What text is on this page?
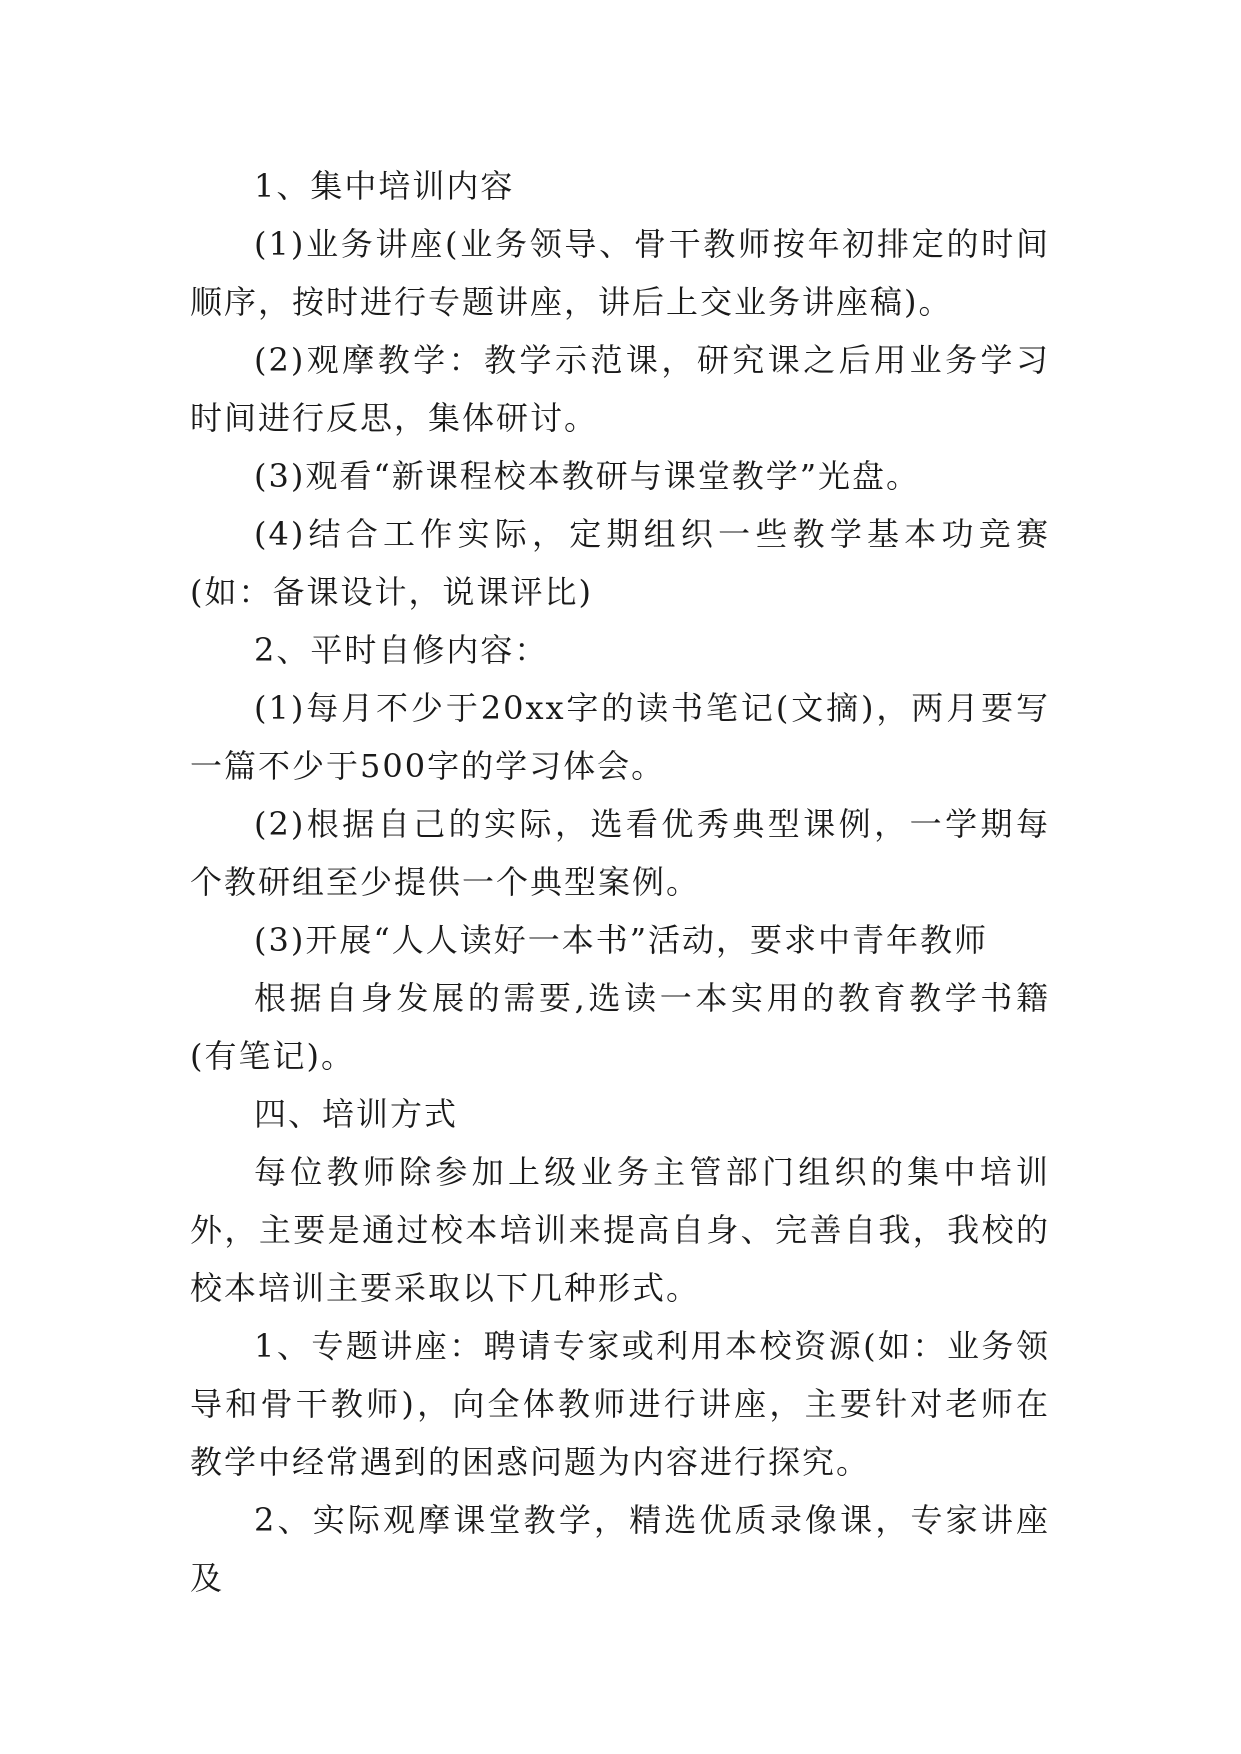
1、集中培训内容

(1)业务讲座(业务领导、骨干教师按年初排定的时间顺序，按时进行专题讲座，讲后上交业务讲座稿)。

(2)观摩教学：教学示范课，研究课之后用业务学习时间进行反思，集体研讨。

(3)观看“新课程校本教研与课堂教学”光盘。

(4)结合工作实际，定期组织一些教学基本功竞赛(如：备课设计，说课评比)

2、平时自修内容：

(1)每月不少于20xx字的读书笔记(文摘)，两月要写一篇不少于500字的学习体会。

(2)根据自己的实际，选看优秀典型课例，一学期每个教研组至少提供一个典型案例。

(3)开展“人人读好一本书”活动，要求中青年教师

根据自身发展的需要,选读一本实用的教育教学书籍(有笔记)。

四、培训方式

每位教师除参加上级业务主管部门组织的集中培训外，主要是通过校本培训来提高自身、完善自我，我校的校本培训主要采取以下几种形式。

1、专题讲座：聘请专家或利用本校资源(如：业务领导和骨干教师)，向全体教师进行讲座，主要针对老师在教学中经常遇到的困惑问题为内容进行探究。

2、实际观摩课堂教学，精选优质录像课，专家讲座及
